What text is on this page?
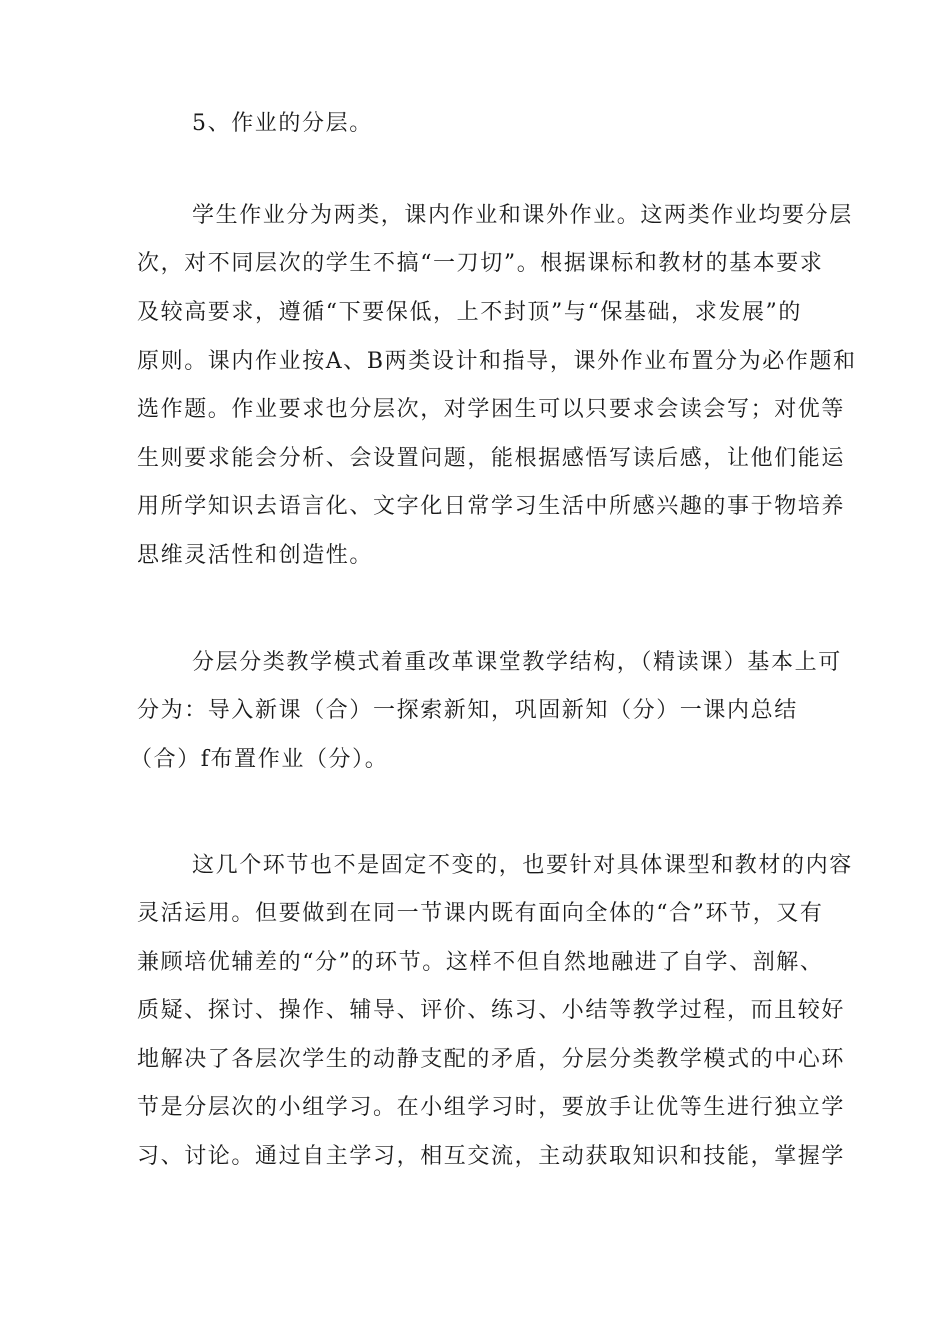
5、作业的分层。
学生作业分为两类，课内作业和课外作业。这两类作业均要分层
次，对不同层次的学生不搞“一刀切”。根据课标和教材的基本要求
及较高要求，遵循“下要保低，上不封顶”与“保基础，求发展”的
原则。课内作业按A、B两类设计和指导，课外作业布置分为必作题和
选作题。作业要求也分层次，对学困生可以只要求会读会写；对优等
生则要求能会分析、会设置问题，能根据感悟写读后感，让他们能运
用所学知识去语言化、文字化日常学习生活中所感兴趣的事于物培养
思维灵活性和创造性。
分层分类教学模式着重改革课堂教学结构，（精读课）基本上可
分为：导入新课（合）一探索新知，巩固新知（分）一课内总结
（合）f布置作业（分）。
这几个环节也不是固定不变的，也要针对具体课型和教材的内容
灵活运用。但要做到在同一节课内既有面向全体的“合”环节，又有
兼顾培优辅差的“分”的环节。这样不但自然地融进了自学、剖解、
质疑、探讨、操作、辅导、评价、练习、小结等教学过程，而且较好
地解决了各层次学生的动静支配的矛盾，分层分类教学模式的中心环
节是分层次的小组学习。在小组学习时，要放手让优等生进行独立学
习、讨论。通过自主学习，相互交流，主动获取知识和技能，掌握学
